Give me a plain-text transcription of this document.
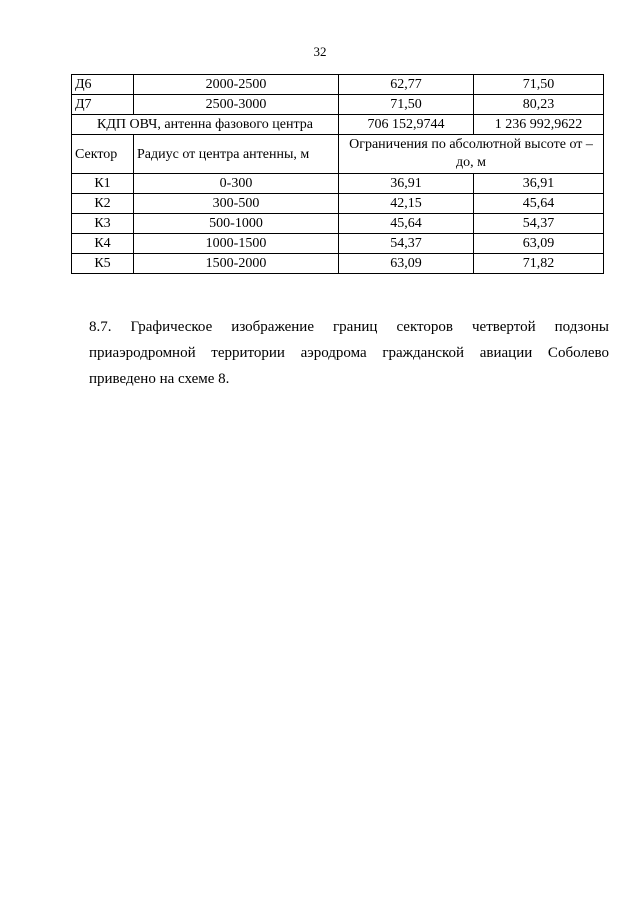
32
Д6	2000-2500	62,77	71,50
Д7	2500-3000	71,50	80,23
КДП ОВЧ, антенна фазового центра		706 152,9744	1 236 992,9622
Сектор	Радиус от центра антенны, м	Ограничения по абсолютной высоте от – до, м	
К1	0-300	36,91	36,91
К2	300-500	42,15	45,64
К3	500-1000	45,64	54,37
К4	1000-1500	54,37	63,09
К5	1500-2000	63,09	71,82

8.7. Графическое изображение границ секторов четвертой подзоны приаэродромной территории аэродрома гражданской авиации Соболево приведено на схеме 8.
